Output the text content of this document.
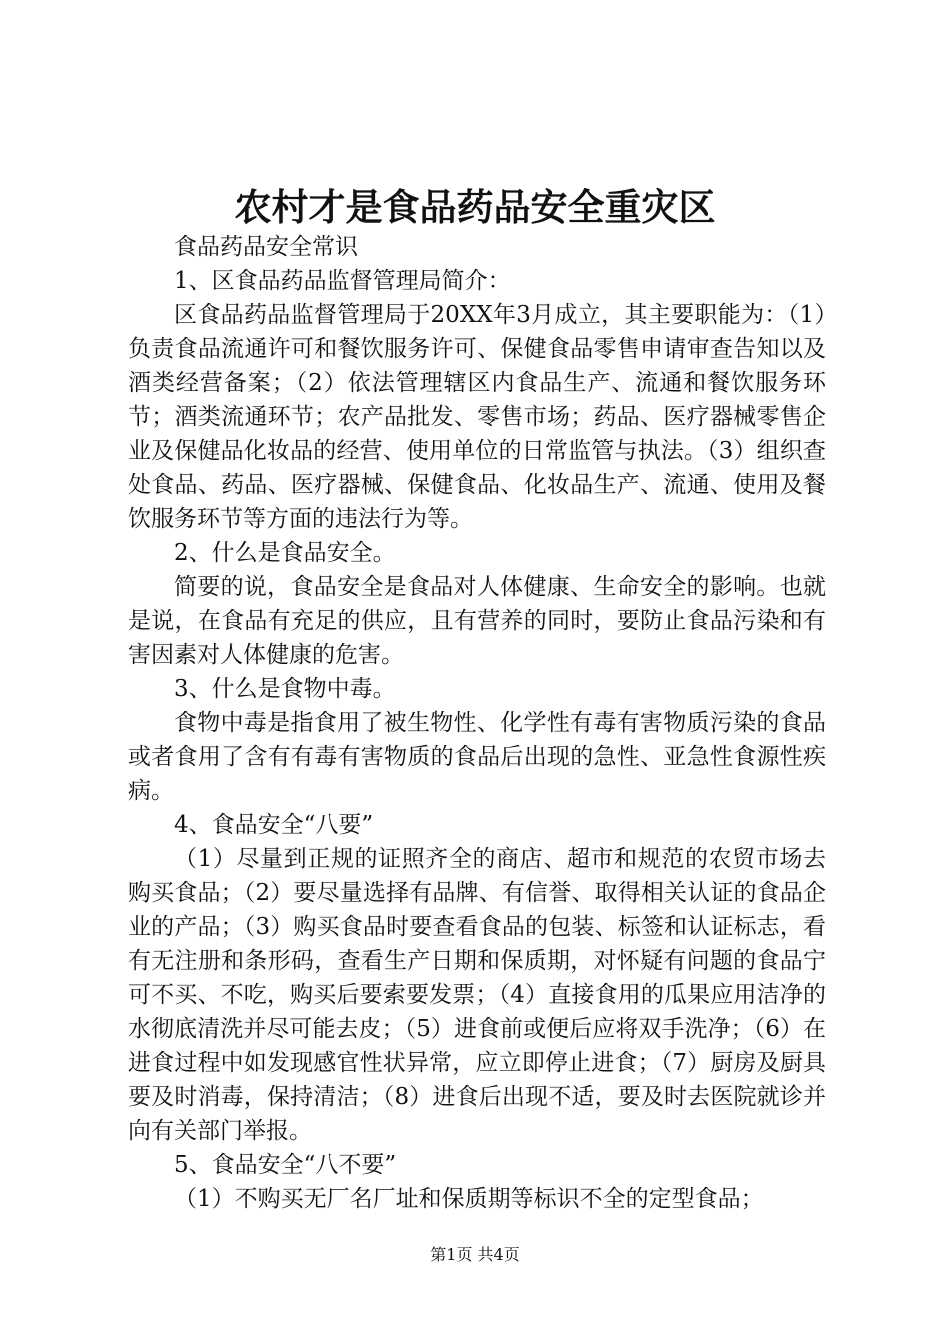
农村才是食品药品安全重灾区

食品药品安全常识

1、区食品药品监督管理局简介：

区食品药品监督管理局于20XX年3月成立，其主要职能为：（1）负责食品流通许可和餐饮服务许可、保健食品零售申请审查告知以及酒类经营备案；（2）依法管理辖区内食品生产、流通和餐饮服务环节；酒类流通环节；农产品批发、零售市场；药品、医疗器械零售企业及保健品化妆品的经营、使用单位的日常监管与执法。（3）组织查处食品、药品、医疗器械、保健食品、化妆品生产、流通、使用及餐饮服务环节等方面的违法行为等。

2、什么是食品安全。

简要的说，食品安全是食品对人体健康、生命安全的影响。也就是说，在食品有充足的供应，且有营养的同时，要防止食品污染和有害因素对人体健康的危害。

3、什么是食物中毒。

食物中毒是指食用了被生物性、化学性有毒有害物质污染的食品或者食用了含有有毒有害物质的食品后出现的急性、亚急性食源性疾病。

4、食品安全“八要”

（1）尽量到正规的证照齐全的商店、超市和规范的农贸市场去购买食品；（2）要尽量选择有品牌、有信誉、取得相关认证的食品企业的产品；（3）购买食品时要查看食品的包装、标签和认证标志，看有无注册和条形码，查看生产日期和保质期，对怀疑有问题的食品宁可不买、不吃，购买后要索要发票；（4）直接食用的瓜果应用洁净的水彻底清洗并尽可能去皮；（5）进食前或便后应将双手洗净；（6）在进食过程中如发现感官性状异常，应立即停止进食；（7）厨房及厨具要及时消毒，保持清洁；（8）进食后出现不适，要及时去医院就诊并向有关部门举报。

5、食品安全“八不要”

（1）不购买无厂名厂址和保质期等标识不全的定型食品；

第1页 共4页
